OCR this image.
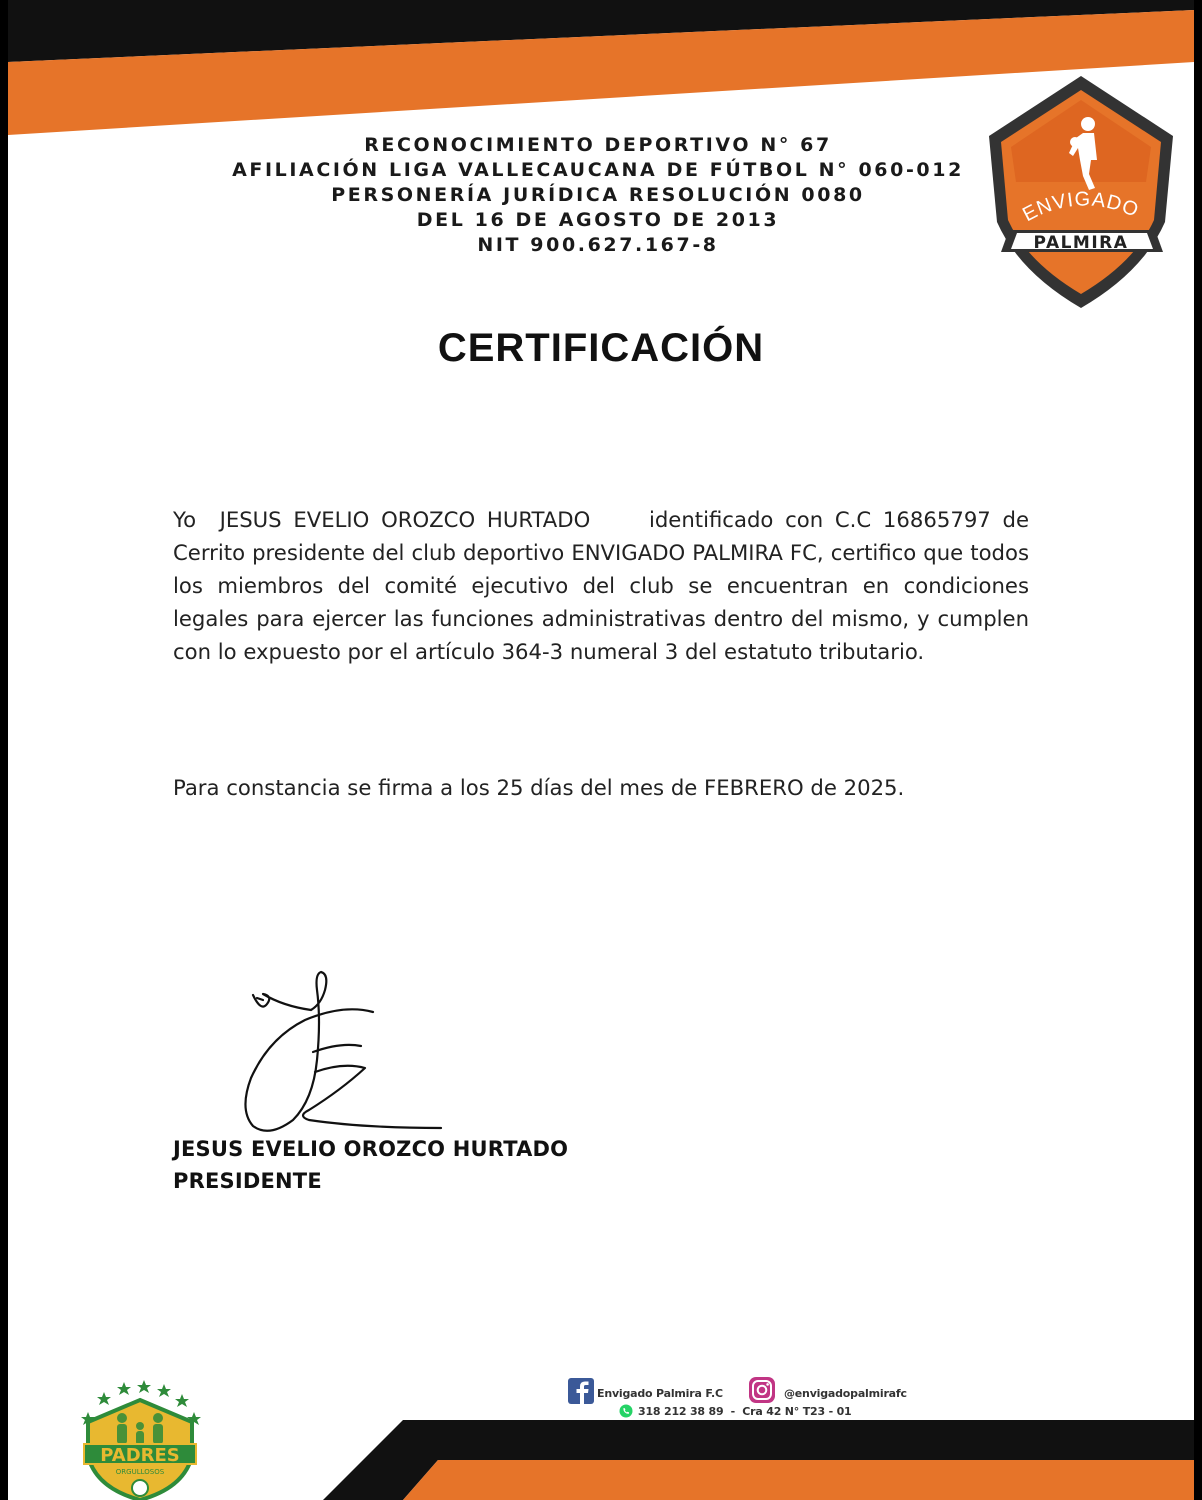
RECONOCIMIENTO DEPORTIVO N° 67
AFILIACIÓN LIGA VALLECAUCANA DE FÚTBOL N° 060-012
PERSONERÍA JURÍDICA RESOLUCIÓN 0080
DEL 16 DE AGOSTO DE 2013
NIT 900.627.167-8
ENVIGADO
PALMIRA
CERTIFICACIÓN
Yo  JESUS EVELIO OROZCO HURTADO     identificado con C.C 16865797 de Cerrito presidente del club deportivo ENVIGADO PALMIRA FC, certifico que todos los miembros del comité ejecutivo del club se encuentran en condiciones legales para ejercer las funciones administrativas dentro del mismo, y cumplen con lo expuesto por el artículo 364-3 numeral 3 del estatuto tributario.
Para constancia se firma a los 25 días del mes de FEBRERO de 2025.
JESUS EVELIO OROZCO HURTADO
PRESIDENTE
Envigado Palmira F.C	@envigadopalmirafc
318 212 38 89  -  Cra 42 N° T23 - 01
PADRES
ORGULLOSOS
